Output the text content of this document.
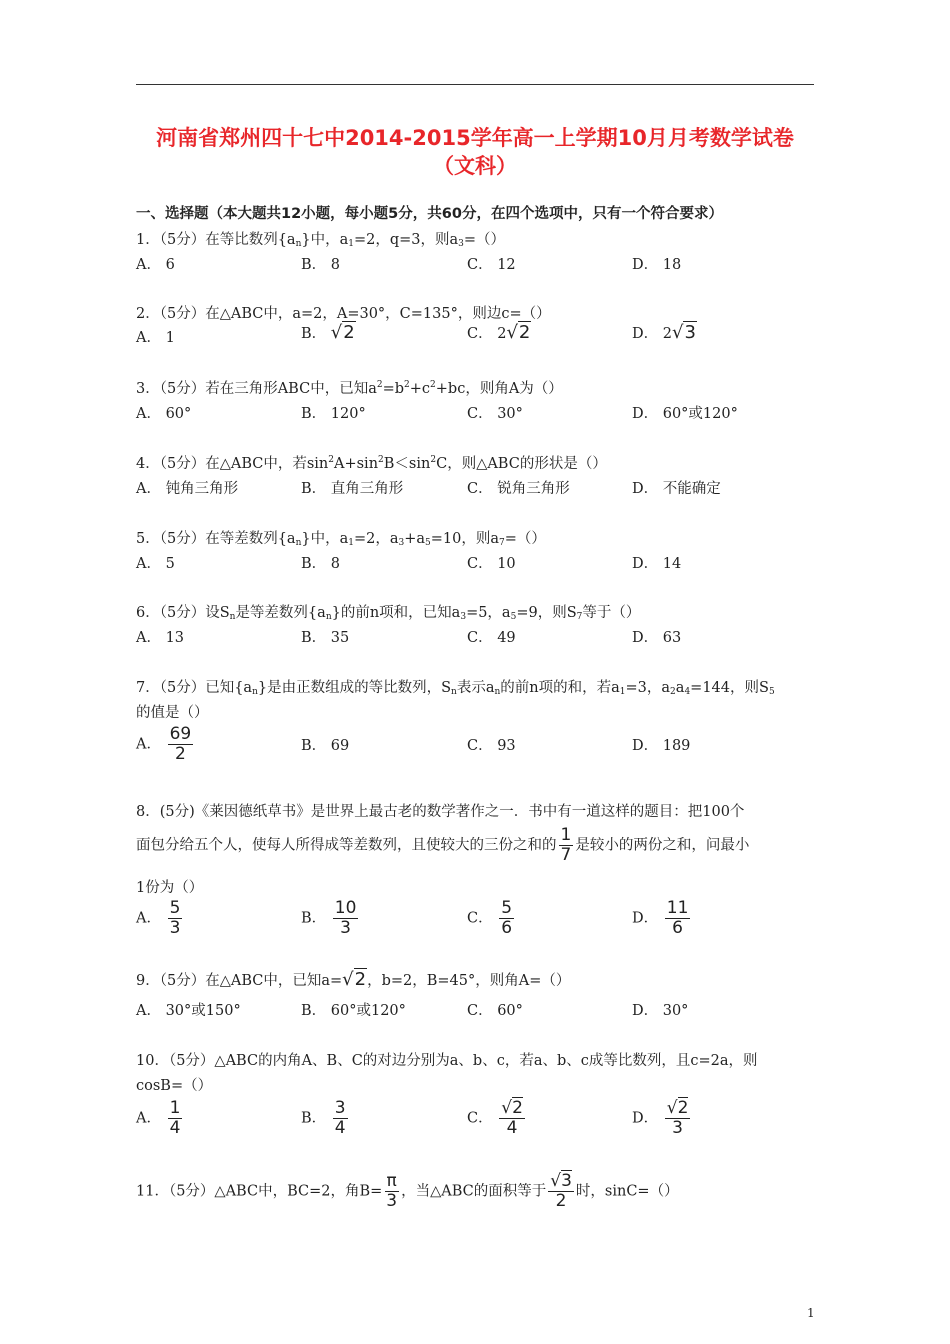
河南省郑州四十七中2014-2015学年高一上学期10月月考数学试卷
（文科）
一、选择题（本大题共12小题，每小题5分，共60分，在四个选项中，只有一个符合要求）
1．（5分）在等比数列$\{a_n\}$中，$a_1=2$，q=3，则$a_3=()$
A． 6	B． 8	C． 12	D． 18
2．（5分）在△ABC中，a=2，A=30°，C=135°，则边c=（）
A． 1	B． √2	C． 2√2	D． 2√3
3．（5分）若在三角形ABC中，已知$a^2=b^2+c^2+bc$，则角A为（）
A． 60°	B． 120°	C． 30°	D． 60°或120°
4．（5分）在△ABC中，若$\sin^2A+\sin^2B<\sin^2C$，则△ABC的形状是（）
A． 钝角三角形	B． 直角三角形	C． 锐角三角形	D． 不能确定
5．（5分）在等差数列$\{a_n\}$中，$a_1=2$，$a_3+a_5=10$，则$a_7=()$
A． 5	B． 8	C． 10	D． 14
6．（5分）设$S_n$是等差数列$\{a_n\}$的前n项和，已知$a_3=5$，$a_5=9$，则$S_7$等于（）
A． 13	B． 35	C． 49	D． 63
7．（5分）已知$\{a_n\}$是由正数组成的等比数列，$S_n$表示$a_n$的前n项的和，若$a_1=3$，$a_2a_4=144$，则$S_5$
的值是（）
A． $\frac{69}{2}$	B． 69	C． 93	D． 189
8．(5分)《莱因德纸草书》是世界上最古老的数学著作之一．书中有一道这样的题目：把100个
面包分给五个人，使每人所得成等差数列，且使较大的三份之和的 $\frac{1}{7}$ 是较小的两份之和，问最小
1份为（）
A． $\frac{5}{3}$	B． $\frac{10}{3}$	C． $\frac{5}{6}$	D． $\frac{11}{6}$
9．（5分）在△ABC中，已知a=√2，b=2，B=45°，则角A=（）
A． 30°或150°	B． 60°或120°	C． 60°	D． 30°
10．（5分）△ABC的内角A、B、C的对边分别为a、b、c，若a、b、c成等比数列，且c=2a，则
cosB=（）
A． $\frac{1}{4}$	B． $\frac{3}{4}$	C． $\frac{√2}{4}$	D． $\frac{√2}{3}$
11．（5分）△ABC中，BC=2，角$B= \frac{\pi}{3}$ ，当△ABC的面积等于 $\frac{√3}{2}$ 时，sinC=（）
1
